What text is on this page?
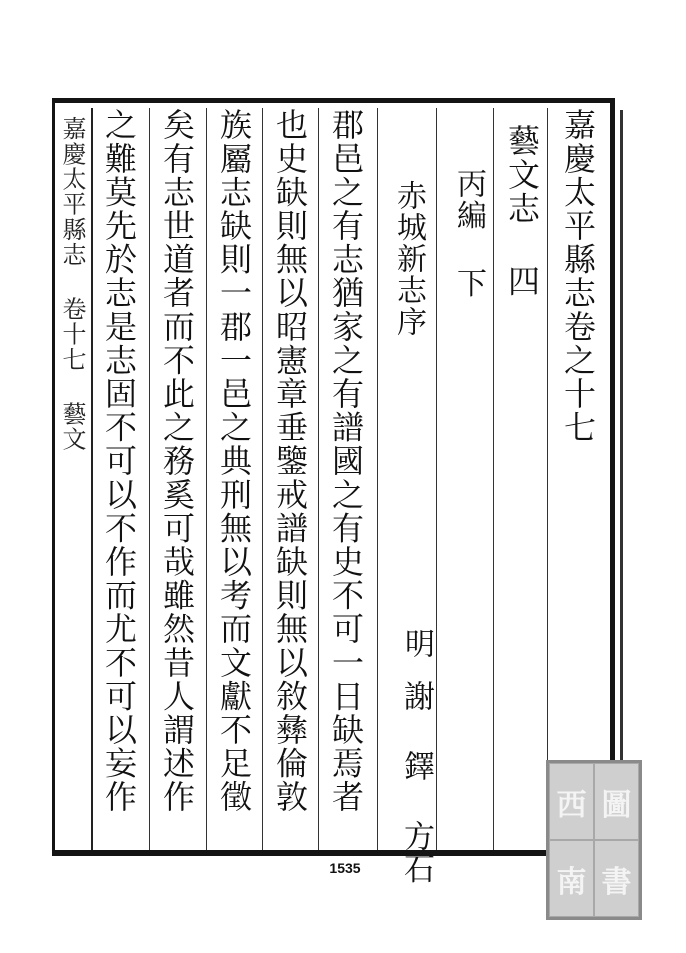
嘉慶太平縣志卷之十七

藝文志 四

丙編 下

赤城新志序

明

謝 鐸 方石

郡邑之有志猶家之有譜國之有史不可一日缺焉者

也史缺則無以昭憲章垂鑒戒譜缺則無以敘彝倫敦

族屬志缺則一郡一邑之典刑無以考而文獻不足徵

矣有志世道者而不此之務奚可哉雖然昔人謂述作

之難莫先於志是志固不可以不作而尤不可以妄作

嘉慶太平縣志 卷十七 藝文

1535
西 圖
南 書
